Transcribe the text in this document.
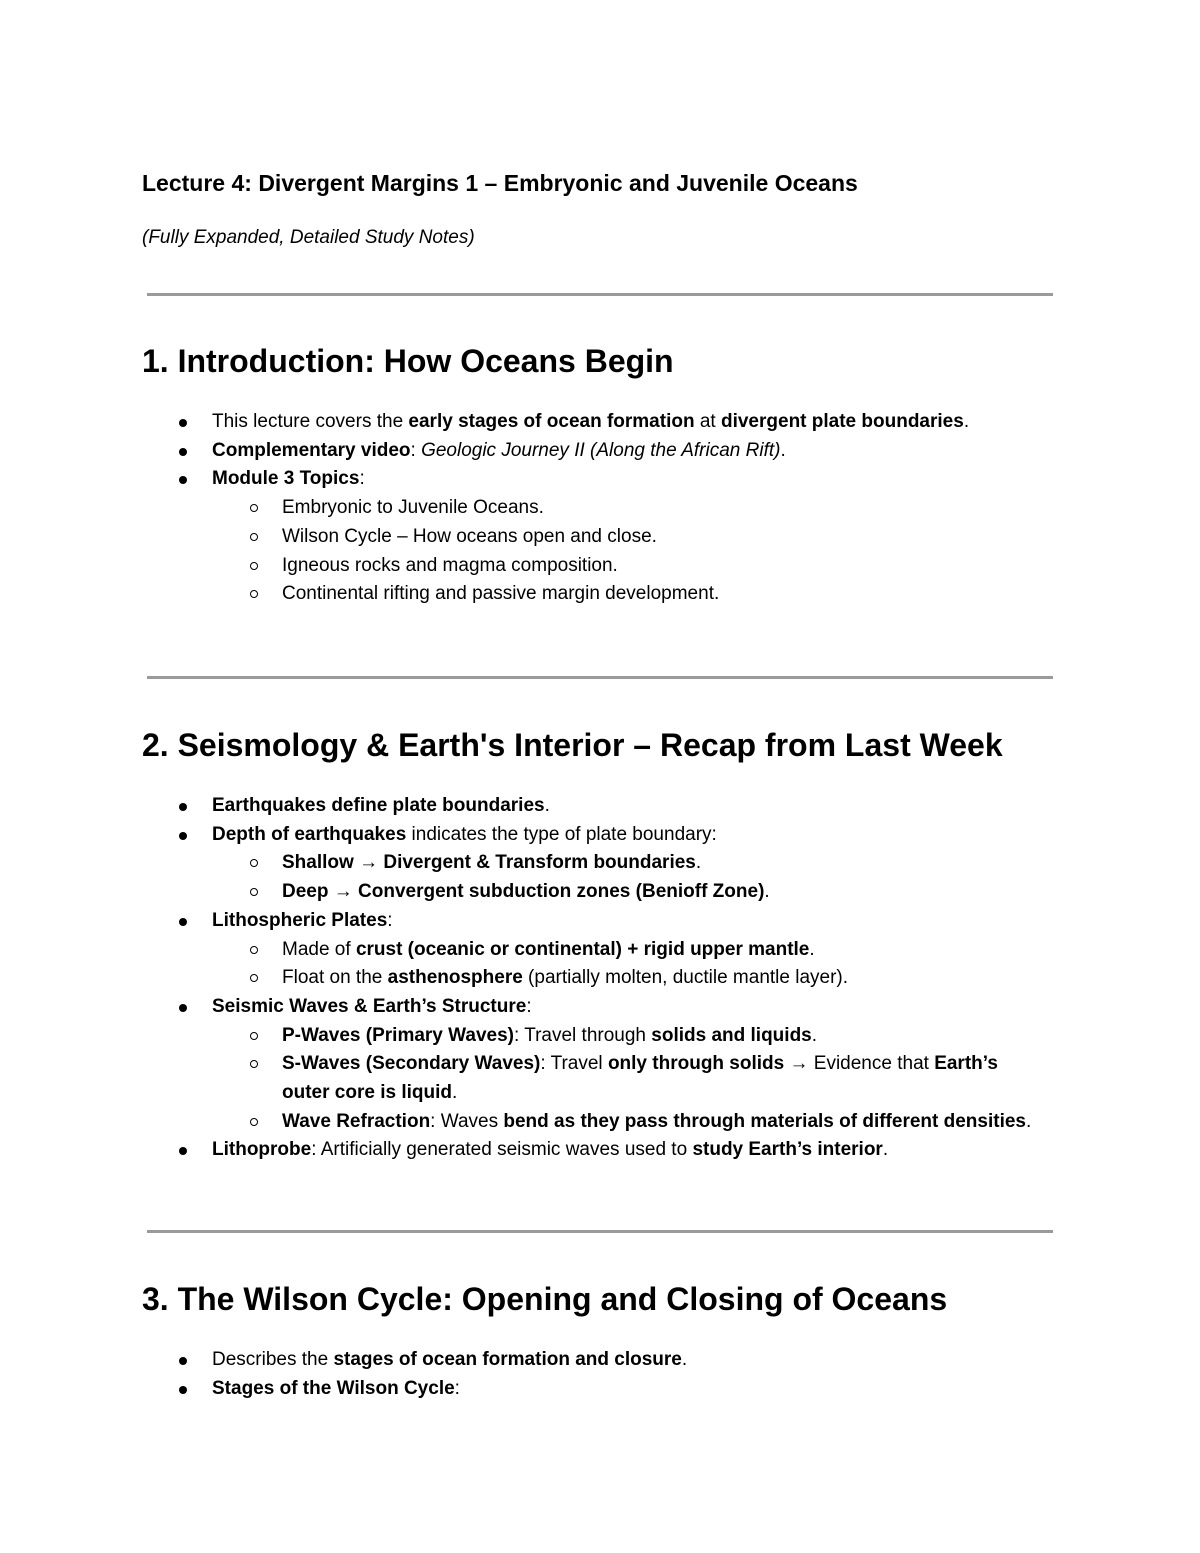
Lecture 4: Divergent Margins 1 – Embryonic and Juvenile Oceans

(Fully Expanded, Detailed Study Notes)

1. Introduction: How Oceans Begin
This lecture covers the early stages of ocean formation at divergent plate boundaries.
Complementary video: Geologic Journey II (Along the African Rift).
Module 3 Topics:
Embryonic to Juvenile Oceans.
Wilson Cycle – How oceans open and close.
Igneous rocks and magma composition.
Continental rifting and passive margin development.
2. Seismology & Earth's Interior – Recap from Last Week
Earthquakes define plate boundaries.
Depth of earthquakes indicates the type of plate boundary:
Shallow → Divergent & Transform boundaries.
Deep → Convergent subduction zones (Benioff Zone).
Lithospheric Plates:
Made of crust (oceanic or continental) + rigid upper mantle.
Float on the asthenosphere (partially molten, ductile mantle layer).
Seismic Waves & Earth’s Structure:
P-Waves (Primary Waves): Travel through solids and liquids.
S-Waves (Secondary Waves): Travel only through solids → Evidence that Earth’s outer core is liquid.
Wave Refraction: Waves bend as they pass through materials of different densities.
Lithoprobe: Artificially generated seismic waves used to study Earth’s interior.
3. The Wilson Cycle: Opening and Closing of Oceans
Describes the stages of ocean formation and closure.
Stages of the Wilson Cycle:
